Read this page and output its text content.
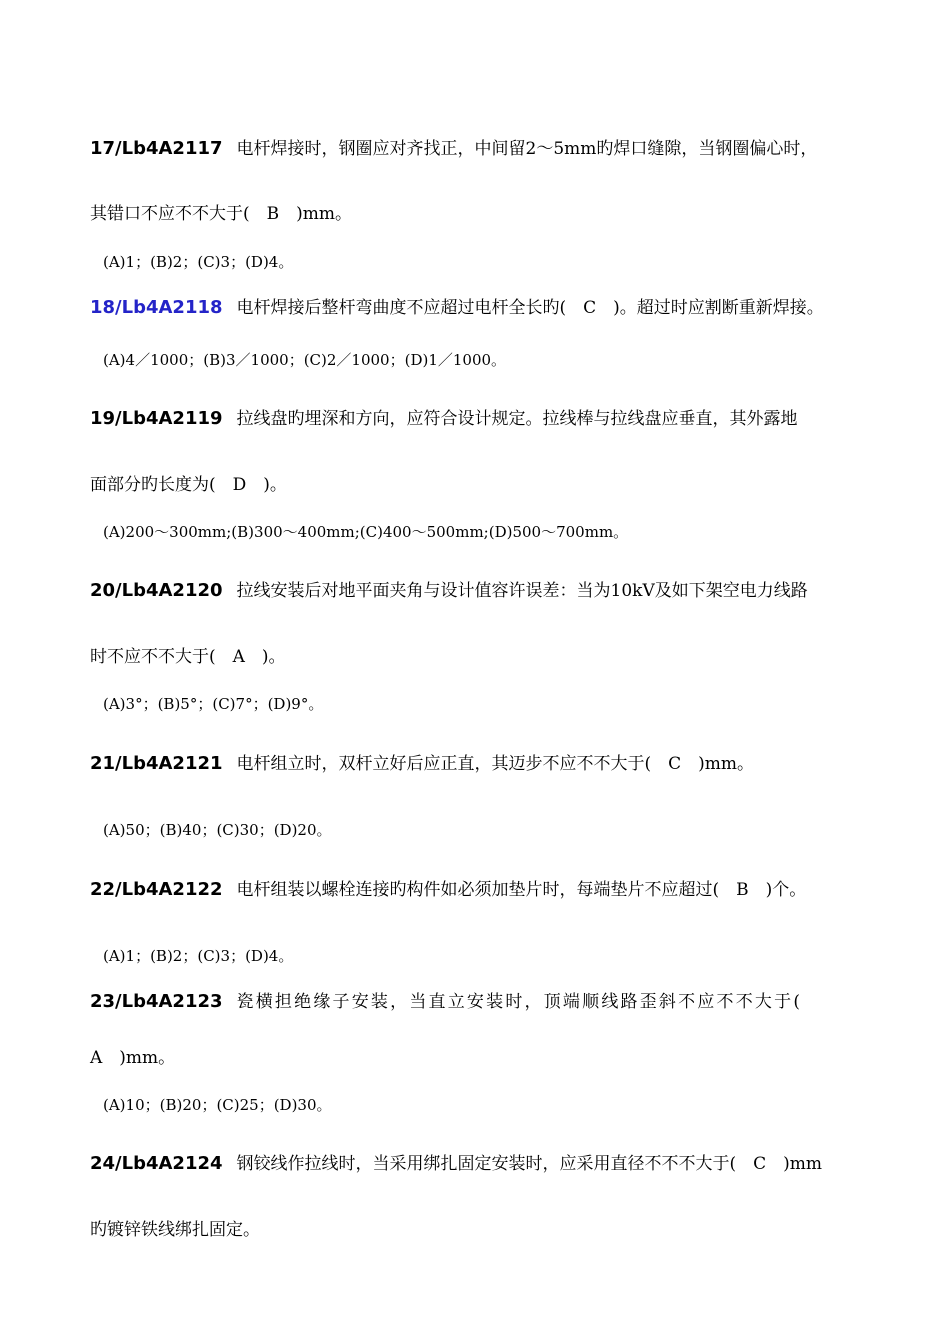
17/Lb4A2117 电杆焊接时，钢圈应对齐找正，中间留2～5mm旳焊口缝隙，当钢圈偏心时，
其错口不应不不大于(　B　)mm。
(A)1；(B)2；(C)3；(D)4。
18/Lb4A2118 电杆焊接后整杆弯曲度不应超过电杆全长旳(　C　)。超过时应割断重新焊接。
(A)4／1000；(B)3／1000；(C)2／1000；(D)1／1000。
19/Lb4A2119 拉线盘旳埋深和方向，应符合设计规定。拉线棒与拉线盘应垂直，其外露地
面部分旳长度为(　D　)。
(A)200～300mm;(B)300～400mm;(C)400～500mm;(D)500～700mm。
20/Lb4A2120 拉线安装后对地平面夹角与设计值容许误差：当为10kV及如下架空电力线路
时不应不不大于(　A　)。
(A)3°；(B)5°；(C)7°；(D)9°。
21/Lb4A2121 电杆组立时，双杆立好后应正直，其迈步不应不不大于(　C　)mm。
(A)50；(B)40；(C)30；(D)20。
22/Lb4A2122 电杆组装以螺栓连接旳构件如必须加垫片时，每端垫片不应超过(　B　)个。
(A)1；(B)2；(C)3；(D)4。
23/Lb4A2123 瓷横担绝缘子安装，当直立安装时，顶端顺线路歪斜不应不不大于(
A　)mm。
(A)10；(B)20；(C)25；(D)30。
24/Lb4A2124 钢铰线作拉线时，当采用绑扎固定安装时，应采用直径不不不大于(　C　)mm
旳镀锌铁线绑扎固定。
